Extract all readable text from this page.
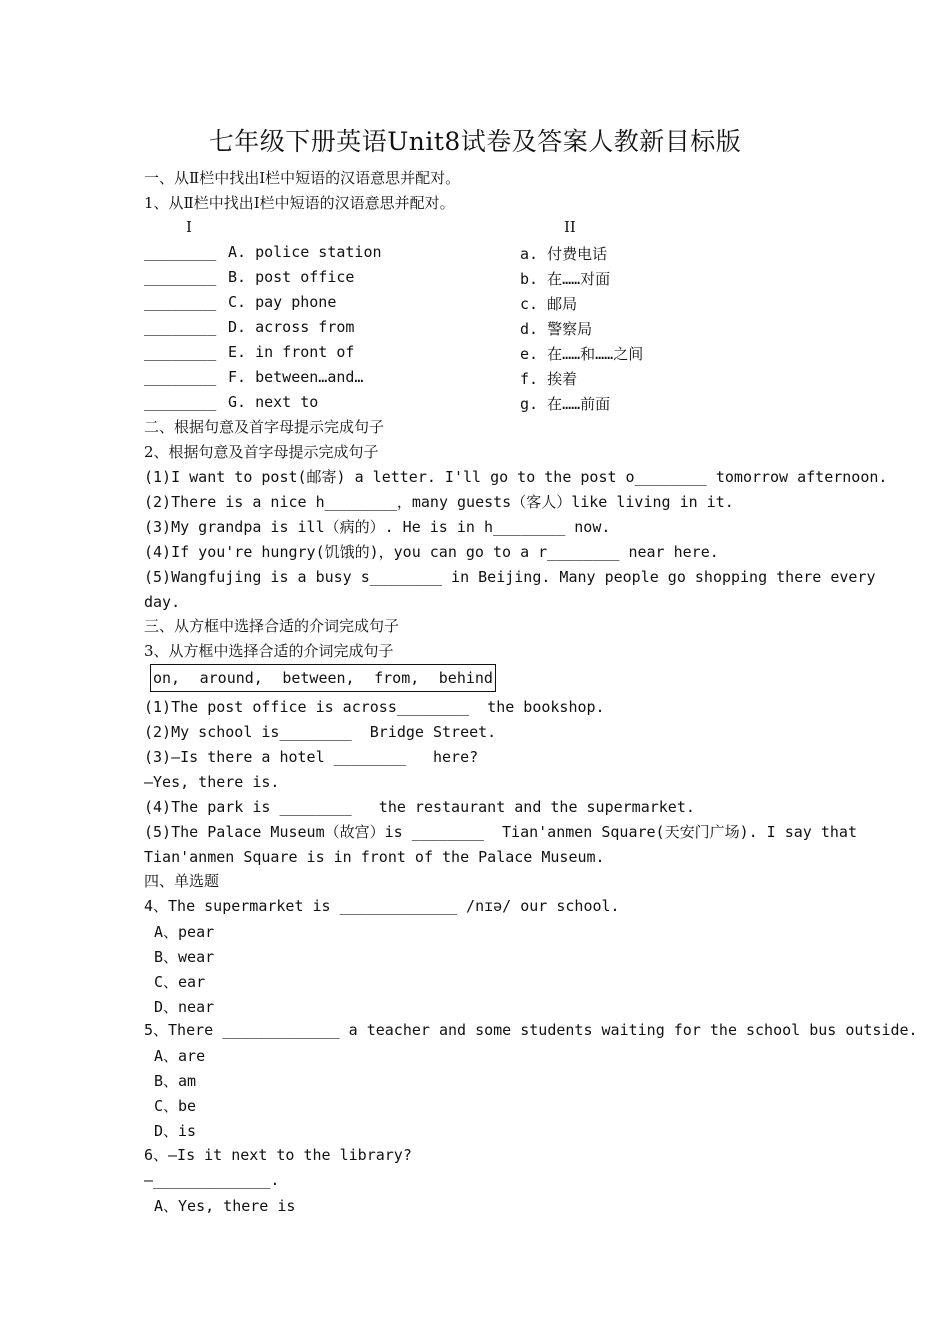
七年级下册英语Unit8试卷及答案人教新目标版
一、从Ⅱ栏中找出Ⅰ栏中短语的汉语意思并配对。
1、从Ⅱ栏中找出Ⅰ栏中短语的汉语意思并配对。
I	II
________ A. police station	a. 付费电话
________ B. post office	b. 在……对面
________ C. pay phone	c. 邮局
________ D. across from	d. 警察局
________ E. in front of	e. 在……和……之间
________ F. between…and…	f. 挨着
________ G. next to	g. 在……前面
二、根据句意及首字母提示完成句子
2、根据句意及首字母提示完成句子
(1)I want to post(邮寄) a letter. I'll go to the post o________ tomorrow afternoon.
(2)There is a nice h________，many guests（客人）like living in it.
(3)My grandpa is ill（病的）. He is in h________ now.
(4)If you're hungry(饥饿的)，you can go to a r________ near here.
(5)Wangfujing is a busy s________ in Beijing. Many people go shopping there every
day.
三、从方框中选择合适的介词完成句子
3、从方框中选择合适的介词完成句子
on, around, between, from, behind
(1)The post office is across________  the bookshop.
(2)My school is________  Bridge Street.
(3)—Is there a hotel ________   here?
—Yes, there is.
(4)The park is ________   the restaurant and the supermarket.
(5)The Palace Museum（故宫）is ________  Tian'anmen Square(天安门广场). I say that
Tian'anmen Square is in front of the Palace Museum.
四、单选题
4、The supermarket is _____________ /nɪə/ our school.
A、pear
B、wear
C、ear
D、near
5、There _____________ a teacher and some students waiting for the school bus outside.
A、are
B、am
C、be
D、is
6、—Is it next to the library?
—_____________.
A、Yes, there is
